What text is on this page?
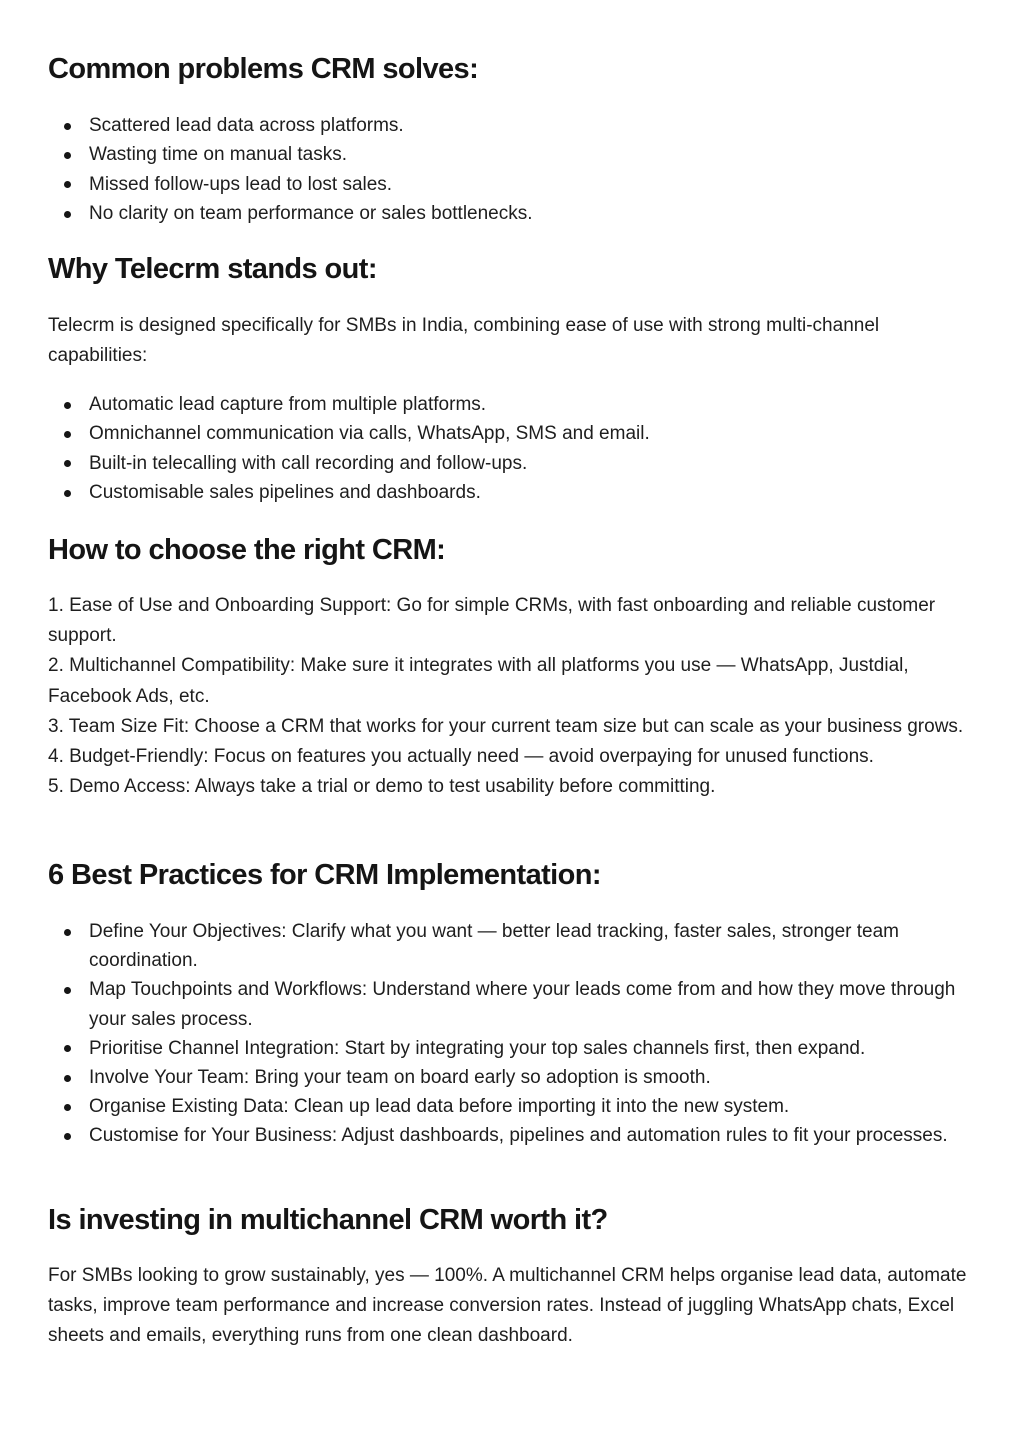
Common problems CRM solves:
Scattered lead data across platforms.
Wasting time on manual tasks.
Missed follow-ups lead to lost sales.
No clarity on team performance or sales bottlenecks.
Why Telecrm stands out:

Telecrm is designed specifically for SMBs in India, combining ease of use with strong multi-channel capabilities:

Automatic lead capture from multiple platforms.
Omnichannel communication via calls, WhatsApp, SMS and email.
Built-in telecalling with call recording and follow-ups.
Customisable sales pipelines and dashboards.
How to choose the right CRM:
1. Ease of Use and Onboarding Support: Go for simple CRMs, with fast onboarding and reliable customer support.
2. Multichannel Compatibility: Make sure it integrates with all platforms you use — WhatsApp, Justdial, Facebook Ads, etc.
3. Team Size Fit: Choose a CRM that works for your current team size but can scale as your business grows.
4. Budget-Friendly: Focus on features you actually need — avoid overpaying for unused functions.
5. Demo Access: Always take a trial or demo to test usability before committing.
6 Best Practices for CRM Implementation:
Define Your Objectives: Clarify what you want — better lead tracking, faster sales, stronger team coordination.
Map Touchpoints and Workflows: Understand where your leads come from and how they move through your sales process.
Prioritise Channel Integration: Start by integrating your top sales channels first, then expand.
Involve Your Team: Bring your team on board early so adoption is smooth.
Organise Existing Data: Clean up lead data before importing it into the new system.
Customise for Your Business: Adjust dashboards, pipelines and automation rules to fit your processes.
Is investing in multichannel CRM worth it?

For SMBs looking to grow sustainably, yes — 100%. A multichannel CRM helps organise lead data, automate tasks, improve team performance and increase conversion rates. Instead of juggling WhatsApp chats, Excel sheets and emails, everything runs from one clean dashboard.
